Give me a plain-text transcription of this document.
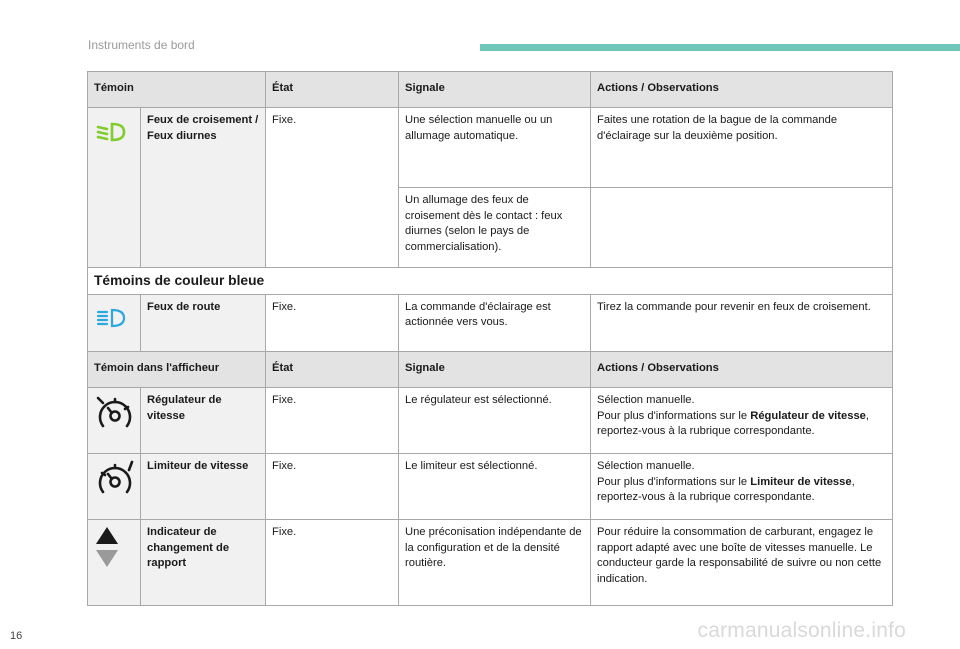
Instruments de bord
Témoin		État	Signale	Actions / Observations
	Feux de croisement / Feux diurnes	Fixe.	Une sélection manuelle ou un allumage automatique.	Faites une rotation de la bague de la commande d'éclairage sur la deuxième position.
			Un allumage des feux de croisement dès le contact : feux diurnes (selon le pays de commercialisation).	
Témoins de couleur bleue				
	Feux de route	Fixe.	La commande d'éclairage est actionnée vers vous.	Tirez la commande pour revenir en feux de croisement.
Témoin dans l'afficheur		État	Signale	Actions / Observations
	Régulateur de vitesse	Fixe.	Le régulateur est sélectionné.	Sélection manuelle.
Pour plus d'informations sur le Régulateur de vitesse, reportez-vous à la rubrique correspondante.
	Limiteur de vitesse	Fixe.	Le limiteur est sélectionné.	Sélection manuelle.
Pour plus d'informations sur le Limiteur de vitesse, reportez-vous à la rubrique correspondante.
	Indicateur de changement de rapport	Fixe.	Une préconisation indépendante de la configuration et de la densité routière.	Pour réduire la consommation de carburant, engagez le rapport adapté avec une boîte de vitesses manuelle. Le conducteur garde la responsabilité de suivre ou non cette indication.
16	carmanualsonline.info
